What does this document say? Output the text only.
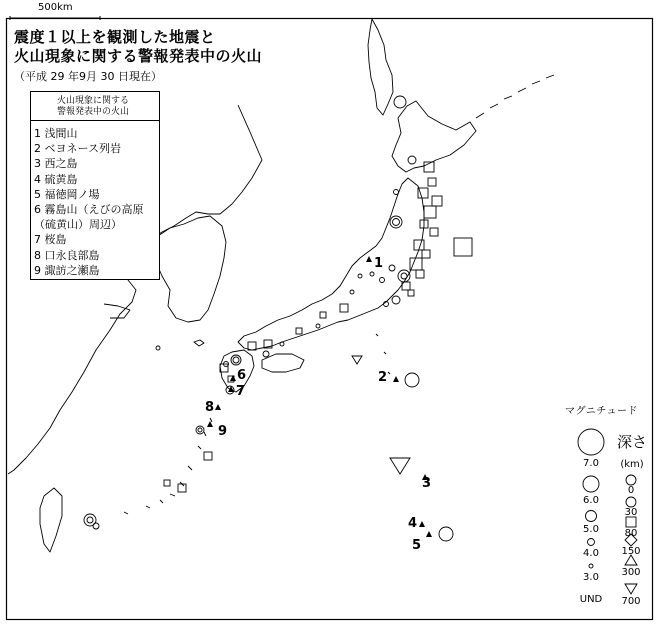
500km
震度１以上を観測した地震と
火山現象に関する警報発表中の火山
（平成 29 年9月 30 日現在）
火山現象に関する
警報発表中の火山
1 浅間山
2 ベヨネース列岩
3 西之島
4 硫黄島
5 福徳岡ノ場
6 霧島山（えびの高原
（硫黄山）周辺）
7 桜島
8 口永良部島
9 諏訪之瀬島	1
2
3
4
5
6
7
8
9
マグニチュード
7.0
6.0
5.0
4.0
3.0
UND
深さ
(km)
0
30
80
150
300
700
